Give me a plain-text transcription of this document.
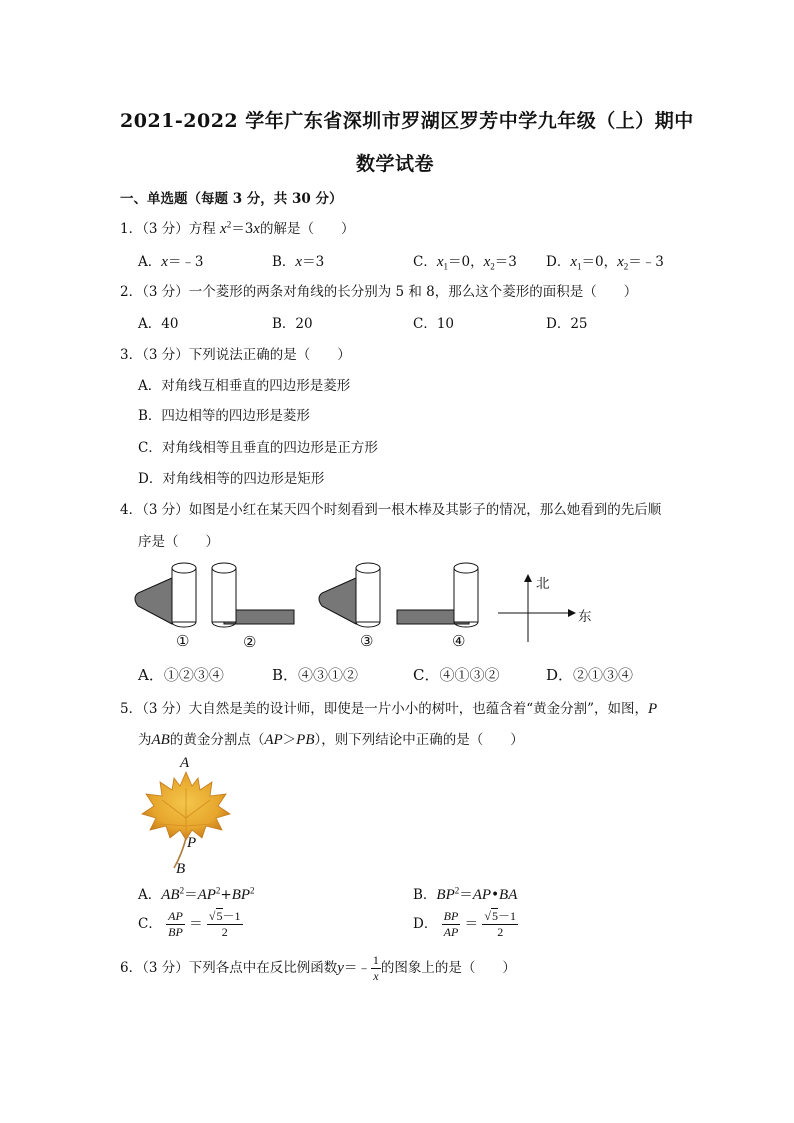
2021-2022 学年广东省深圳市罗湖区罗芳中学九年级（上）期中
数学试卷
一、单选题（每题 3 分，共 30 分）
1．（3 分）方程 $x^2=3x$的解是（　　）
A．x＝﹣3	B．x＝3	C．$x_1=0$，$x_2=3$ D．$x_1=0$，$x_2=﹣3$
2．（3 分）一个菱形的两条对角线的长分别为 5 和 8，那么这个菱形的面积是（　　）
A．40	B．20	C．10	D．25
3．（3 分）下列说法正确的是（　　）
A．对角线互相垂直的四边形是菱形
B．四边相等的四边形是菱形
C．对角线相等且垂直的四边形是正方形
D．对角线相等的四边形是矩形
4．（3 分）如图是小红在某天四个时刻看到一根木棒及其影子的情况，那么她看到的先后顺
序是（　　）
①	②	③	④
北
东
A．①②③④	B．④③①②	C．④①③②	D．②①③④
5．（3 分）大自然是美的设计师，即使是一片小小的树叶，也蕴含着“黄金分割”，如图，P
为AB的黄金分割点（AP＞PB），则下列结论中正确的是（　　）
A
P
B
A．$AB^2=AP^2+BP^2$	B．$BP^2=AP•BA$
C． $\frac{AP}{BP} = \frac{√5-1}{2}$	D． $\frac{BP}{AP} = \frac{√5-1}{2}$
6．（3 分）下列各点中在反比例函数y＝﹣ $\frac{1}{x}$ 的图象上的是（　　）
